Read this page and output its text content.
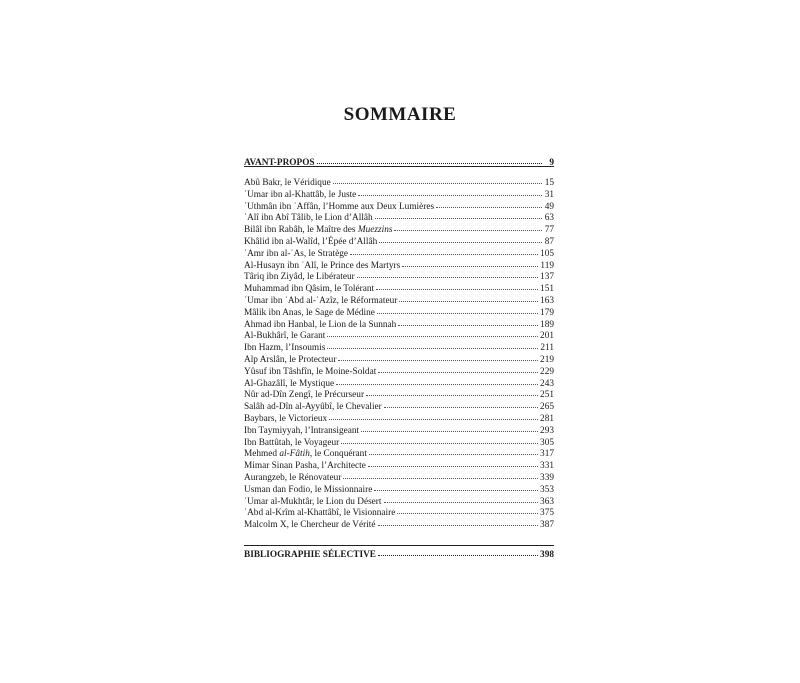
SOMMAIRE
AVANT-PROPOS	9
Abû Bakr, le Véridique	15
ʿUmar ibn al-Khattâb, le Juste	31
ʿUthmân ibn ʿAffân, l’Homme aux Deux Lumières	49
ʿAlî ibn Abî Tâlib, le Lion d’Allâh	63
Bilâl ibn Rabâh, le Maître des Muezzins	77
Khâlid ibn al-Walîd, l’Épée d’Allâh	87
ʿAmr ibn al-ʿAs, le Stratège	105
Al-Husayn ibn ʿAlî, le Prince des Martyrs	119
Târiq ibn Ziyâd, le Libérateur	137
Muhammad ibn Qâsim, le Tolérant	151
ʿUmar ibn ʿAbd al-ʿAzîz, le Réformateur	163
Mâlik ibn Anas, le Sage de Médine	179
Ahmad ibn Hanbal, le Lion de la Sunnah	189
Al-Bukhârî, le Garant	201
Ibn Hazm, l’Insoumis	211
Alp Arslân, le Protecteur	219
Yûsuf ibn Tâshfîn, le Moine-Soldat	229
Al-Ghazâlî, le Mystique	243
Nûr ad-Dîn Zengî, le Précurseur	251
Salâh ad-Dîn al-Ayyûbî, le Chevalier	265
Baybars, le Victorieux	281
Ibn Taymiyyah, l’Intransigeant	293
Ibn Battûtah, le Voyageur	305
Mehmed al-Fâtih, le Conquérant	317
Mimar Sinan Pasha, l’Architecte	331
Aurangzeb, le Rénovateur	339
Usman dan Fodio, le Missionnaire	353
ʿUmar al-Mukhtâr, le Lion du Désert	363
ʿAbd al-Krîm al-Khattâbî, le Visionnaire	375
Malcolm X, le Chercheur de Vérité	387
BIBLIOGRAPHIE SÉLECTIVE	398
